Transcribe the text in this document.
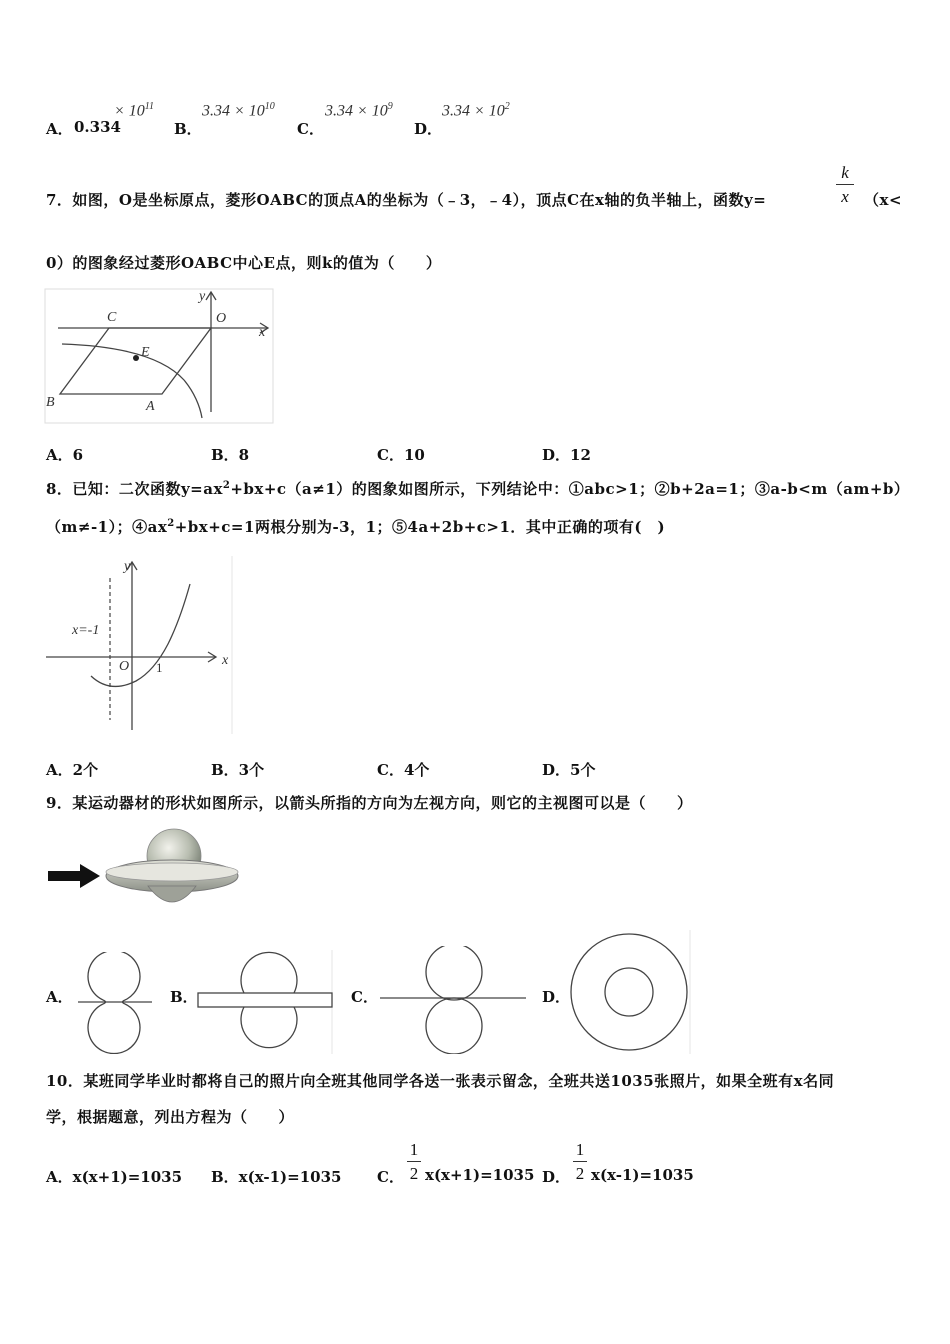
A． 0.334
× $10^{11}$
B．
$3.34 \times 10^{10}$
C．
$3.34 \times 10^9$
D．
$3.34 \times 10^2$
7．如图，O是坐标原点，菱形OABC的顶点A的坐标为（﹣3，﹣4），顶点C在x轴的负半轴上，函数y=
k
x	（x<
0）的图象经过菱形OABC中心E点，则k的值为（　　）
C	O
y
x
E
B	A
A．6	B．8	C．10	D．12
8．已知：二次函数$y=ax^2+bx+c(a\ne 1)$的图象如图所示，下列结论中：①abc>1；②b+2a=1；③a-b<m（am+b）
（m≠-1）；$④ax^2+bx+c=1$两根分别为-3，1；⑤4a+2b+c>1．其中正确的项有(　)
y
x=-1
O 1	x
A．2个	B．3个	C．4个	D．5个
9．某运动器材的形状如图所示，以箭头所指的方向为左视方向，则它的主视图可以是（　　）
A．	B．	C．	D．
10．某班同学毕业时都将自己的照片向全班其他同学各送一张表示留念，全班共送1035张照片，如果全班有x名同
学，根据题意，列出方程为（　　）
A．x(x+1)=1035 B．x(x-1)=1035 C．
1
2 x(x+1)=1035 D．
1
2 x(x-1)=1035
